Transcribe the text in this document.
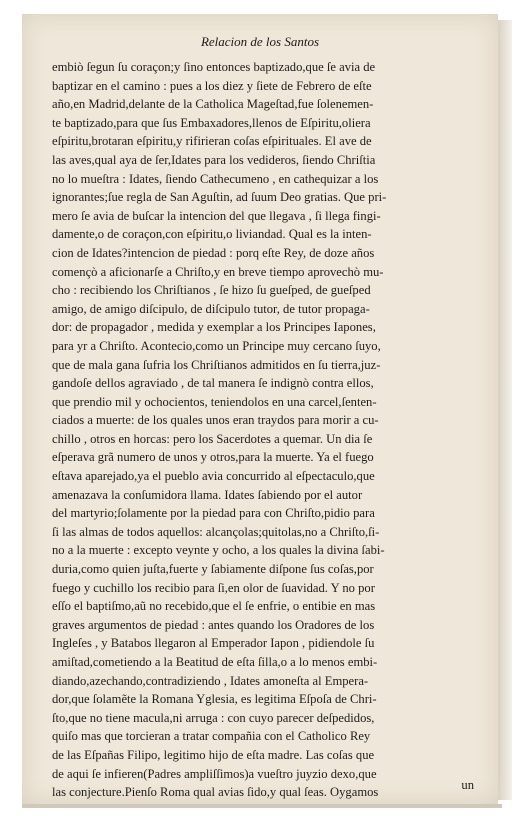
Relacion de los Santos
embiò ſegun ſu coraçon;y ſino entonces baptizado,que ſe avia de
baptizar en el camino : pues a los diez y ſiete de Febrero de eſte
año,en Madrid,delante de la Catholica Mageſtad,fue ſolenemen-
te baptizado,para que ſus Embaxadores,llenos de Eſpiritu,oliera
eſpiritu,brotaran eſpiritu,y rifirieran coſas eſpirituales. El ave de
las aves,qual aya de ſer,Idates para los vedideros, ſiendo Chriſtia
no lo mueſtra : Idates, ſiendo Cathecumeno , en cathequizar a los
ignorantes;ſue regla de San Aguſtin, ad ſuum Deo gratias. Que pri-
mero ſe avia de buſcar la intencion del que llegava , ſi llega fingi-
damente,o de coraçon,con eſpiritu,o liviandad. Qual es la inten-
cion de Idates?intencion de piedad : porq eſte Rey, de doze años
començò a aficionarſe a Chriſto,y en breve tiempo aprovechò mu-
cho : recibiendo los Chriſtianos , ſe hizo ſu gueſped, de gueſped
amigo, de amigo diſcipulo, de diſcipulo tutor, de tutor propaga-
dor: de propagador , medida y exemplar a los Principes Iapones,
para yr a Chriſto. Acontecio,como un Principe muy cercano ſuyo,
que de mala gana ſufria los Chriſtianos admitidos en ſu tierra,juz-
gandoſe dellos agraviado , de tal manera ſe indignò contra ellos,
que prendio mil y ochocientos, teniendolos en una carcel,ſenten-
ciados a muerte: de los quales unos eran traydos para morir a cu-
chillo , otros en horcas: pero los Sacerdotes a quemar. Un dia ſe
eſperava grã numero de unos y otros,para la muerte. Ya el fuego
eſtava aparejado,ya el pueblo avia concurrido al eſpectaculo,que
amenazava la conſumidora llama. Idates ſabiendo por el autor
del martyrio;ſolamente por la piedad para con Chriſto,pidio para
ſi las almas de todos aquellos: alcançolas;quitolas,no a Chriſto,ſi-
no a la muerte : excepto veynte y ocho, a los quales la divina ſabi-
duria,como quien juſta,fuerte y ſabiamente diſpone ſus coſas,por
fuego y cuchillo los recibio para ſi,en olor de ſuavidad. Y no por
eſſo el baptiſmo,aũ no recebido,que el ſe enfrie, o entibie en mas
graves argumentos de piedad : antes quando los Oradores de los
Ingleſes , y Batabos llegaron al Emperador Iapon , pidiendole ſu
amiſtad,cometiendo a la Beatitud de eſta ſilla,o a lo menos embi-
diando,azechando,contradiziendo , Idates amoneſta al Empera-
dor,que ſolamẽte la Romana Yglesia, es legitima Eſpoſa de Chri-
ſto,que no tiene macula,ni arruga : con cuyo parecer deſpedidos,
quiſo mas que torcieran a tratar compañia con el Catholico Rey
de las Eſpañas Filipo, legitimo hijo de eſta madre. Las coſas que
de aqui ſe infieren(Padres ampliſſimos)a vueſtro juyzio dexo,que
las conjecture.Pienſo Roma qual avias ſido,y qual ſeas. Oygamos
un
